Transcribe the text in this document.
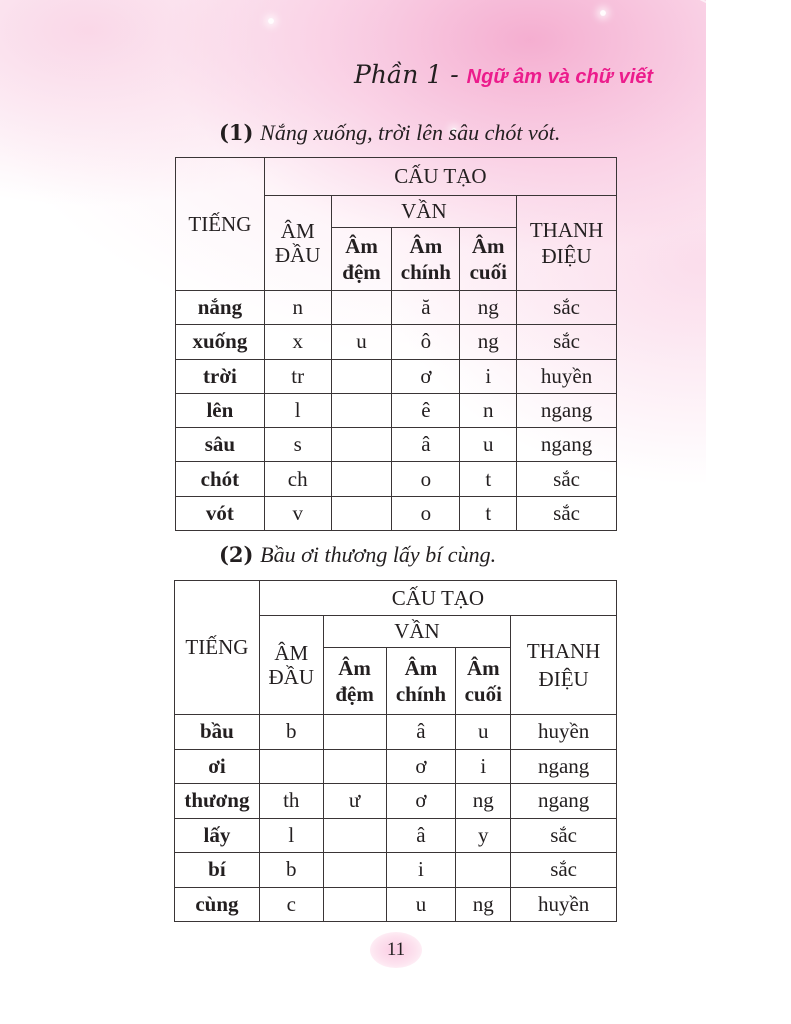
Phần 1 - Ngữ âm và chữ viết
(1) Nắng xuống, trời lên sâu chót vót.
TIẾNG	CẤU TẠO				
	ÂM ĐẦU	VẦN			THANH ĐIỆU
		Âm đệm	Âm chính	Âm cuối	
nắng	n		ă	ng	sắc
xuống	x	u	ô	ng	sắc
trời	tr		ơ	i	huyền
lên	l		ê	n	ngang
sâu	s		â	u	ngang
chót	ch		o	t	sắc
vót	v		o	t	sắc
(2) Bầu ơi thương lấy bí cùng.
TIẾNG	CẤU TẠO				
	ÂM ĐẦU	VẦN			THANH ĐIỆU
		Âm đệm	Âm chính	Âm cuối	
bầu	b		â	u	huyền
ơi			ơ	i	ngang
thương	th	ư	ơ	ng	ngang
lấy	l		â	y	sắc
bí	b		i		sắc
cùng	c		u	ng	huyền
11
